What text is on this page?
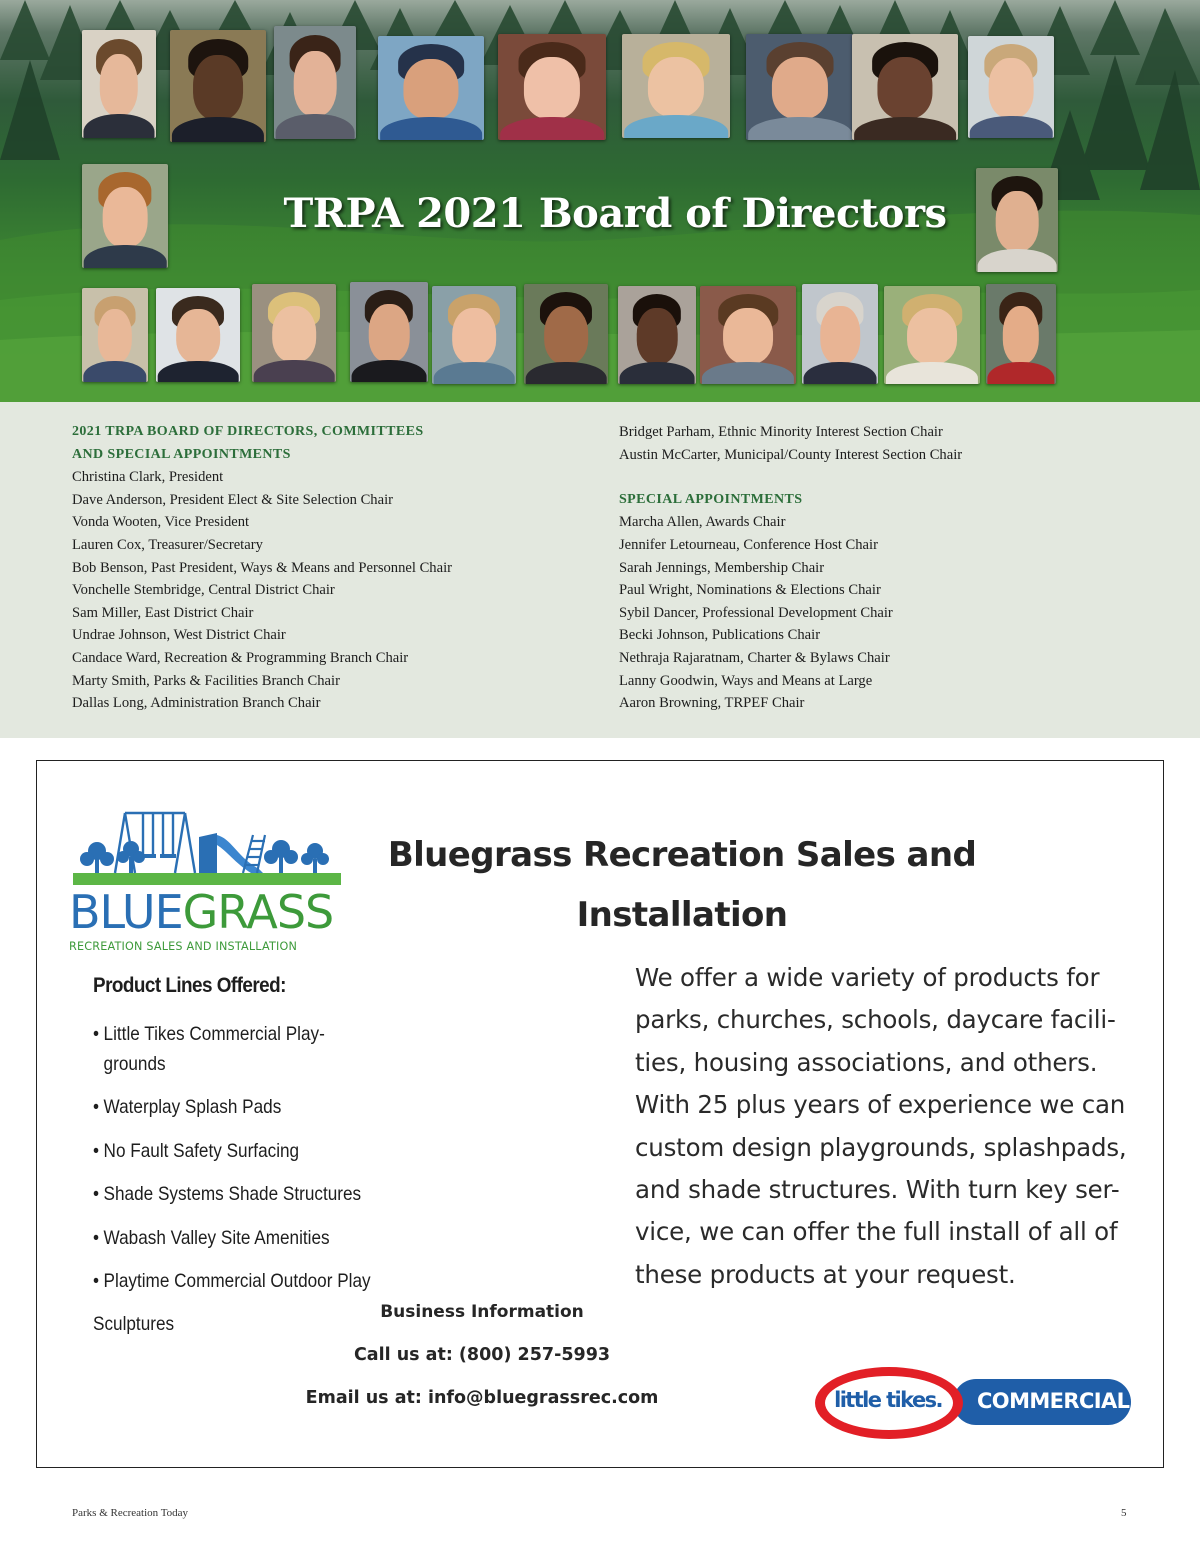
TRPA 2021 Board of Directors
2021 TRPA BOARD OF DIRECTORS, COMMITTEES
AND SPECIAL APPOINTMENTS
Christina Clark, President
Dave Anderson, President Elect & Site Selection Chair
Vonda Wooten, Vice President
Lauren Cox, Treasurer/Secretary
Bob Benson, Past President, Ways & Means and Personnel Chair
Vonchelle Stembridge, Central District Chair
Sam Miller, East District Chair
Undrae Johnson, West District Chair
Candace Ward, Recreation & Programming Branch Chair
Marty Smith, Parks & Facilities Branch Chair
Dallas Long, Administration Branch Chair
Bridget Parham, Ethnic Minority Interest Section Chair
Austin McCarter, Municipal/County Interest Section Chair
SPECIAL APPOINTMENTS
Marcha Allen, Awards Chair
Jennifer Letourneau, Conference Host Chair
Sarah Jennings, Membership Chair
Paul Wright, Nominations & Elections Chair
Sybil Dancer, Professional Development Chair
Becki Johnson, Publications Chair
Nethraja Rajaratnam, Charter & Bylaws Chair
Lanny Goodwin, Ways and Means at Large
Aaron Browning, TRPEF Chair
BLUEGRASS
RECREATION SALES AND INSTALLATION
Bluegrass Recreation Sales and
Installation
Product Lines Offered:
• Little Tikes Commercial Play-
grounds
• Waterplay Splash Pads
• No Fault Safety Surfacing
• Shade Systems Shade Structures
• Wabash Valley Site Amenities
• Playtime Commercial Outdoor Play
Sculptures
We offer a wide variety of products for
parks, churches, schools, daycare facili-
ties, housing associations, and others.
With 25 plus years of experience we can
custom design playgrounds, splashpads,
and shade structures. With turn key ser-
vice, we can offer the full install of all of
these products at your request.
Business Information
Call us at: (800) 257-5993
Email us at: info@bluegrassrec.com	little tikes.	COMMERCIAL
Parks & Recreation Today	5
